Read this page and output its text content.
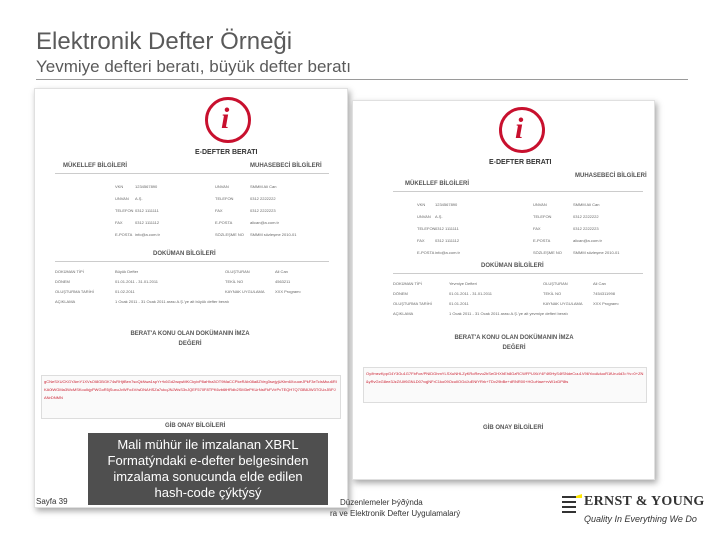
Elektronik Defter Örneği
Yevmiye defteri beratı, büyük defter beratı
i
E-DEFTER BERATI
MÜKELLEF BİLGİLERİ	MUHASEBECİ BİLGİLERİ
VKN
UNVAN
TELEFON
FAX
E-POSTA
1234567890
A.Ş.
0312 1111111
0312 1111112
info@a.com.tr
UNVAN
TELEFON
FAX
E-POSTA
SÖZLEŞME NO
SMMM Ali Can
0312 2222222
0312 2222223
alican@a.com.tr
SMMM sözleşme 2010-01
DOKÜMAN BİLGİLERİ
DOKÜMAN TİPİ
DÖNEM
OLUŞTURMA TARİHİ
AÇIKLAMA
Büyük Defter
01.01.2011 - 31.01.2011
01.02.2011
1 Ocak 2011 - 31 Ocak 2011 arası A.Ş.'ye ait büyük defter beratı
OLUŞTURAN
TEKİL NO
KAYNAK UYGULAMA
Ali Can
4563211
XXX Programı
BERAT'A KONU OLAN DOKÜMANIN İMZA DEĞERİ
gCNeSXUCKGYAmY1XVsOI8GBGK74sRHjtBen7soQkNwa1spYr+k6Gd2wqwMKCkyixP8aHha3OT9MaCCPkeRAb08a8ZVeg3swjyjUKtm6XcuoeJPkF3eTcIsMuu6RIKA0iWGMa3WcMSKouIkjyPWGoR5jSuxuJvWFo4V/wDNAHSZa7ukqJNJWsS3vJQEF570F8TPK6vb6tHRdb2SM3ePKUrNsiFkFV/rPvTEQH7Q7l3B8JW3TGUxJBPJANrDNMN
GİB ONAY BİLGİLERİ
i
E-DEFTER BERATI
MÜKELLEF BİLGİLERİ
MUHASEBECİ BİLGİLERİ
VKN
UNVAN
TELEFON
FAX
E-POSTA
1234567890
A.Ş.
0312 1111111
0312 1111112
info@a.com.tr
UNVAN
TELEFON
FAX
E-POSTA
SÖZLEŞME NO
SMMM Ali Can
0312 2222222
0312 2222223
alican@a.com.tr
SMMM sözleşme 2010-01
DOKÜMAN BİLGİLERİ
DOKÜMAN TİPİ
DÖNEM
OLUŞTURMA TARİHİ
AÇIKLAMA
Yevmiye Defteri
01.01.2011 - 31.01.2011
01.01.2011
1 Ocak 2011 - 31 Ocak 2011 arası A.Ş.'ye ait yevmiye defteri beratı
OLUŞTURAN
TEKİL NO
KAYNAK UYGULAMA
Ali Can
7454311998
XXX Programı
BERAT'A KONU OLAN DOKÜMANIN İMZA DEĞERİ
Oy/fmezKppG4Y3Gu1G7FbFce/PNIDGhmYLSXuNHLZyKRoRevu2hSeGHXhEh8GzRCWFPUXkY4F4f0HyS4fSNdeCuu1V96YooAduoR1fUru4d3=Yv=0+ZN&yRvGxG8ee3JzZ/UIf6GNLD07vqjNFrC1ko09OcuIlOGdJuENfYRrk+TDv29bBe+dRNR00+HGuHaw+rvW1xDP8ts
GİB ONAY BİLGİLERİ
Mali mühür ile imzalanan XBRL
Formatýndaki e-defter belgesinden
imzalama sonucunda elde edilen
hash-code çýktýsý
Sayfa 39	Düzenlemeler Þýðýnda
ra ve Elektronik Defter Uygulamalarý
ERNST & YOUNG
Quality In Everything We Do
